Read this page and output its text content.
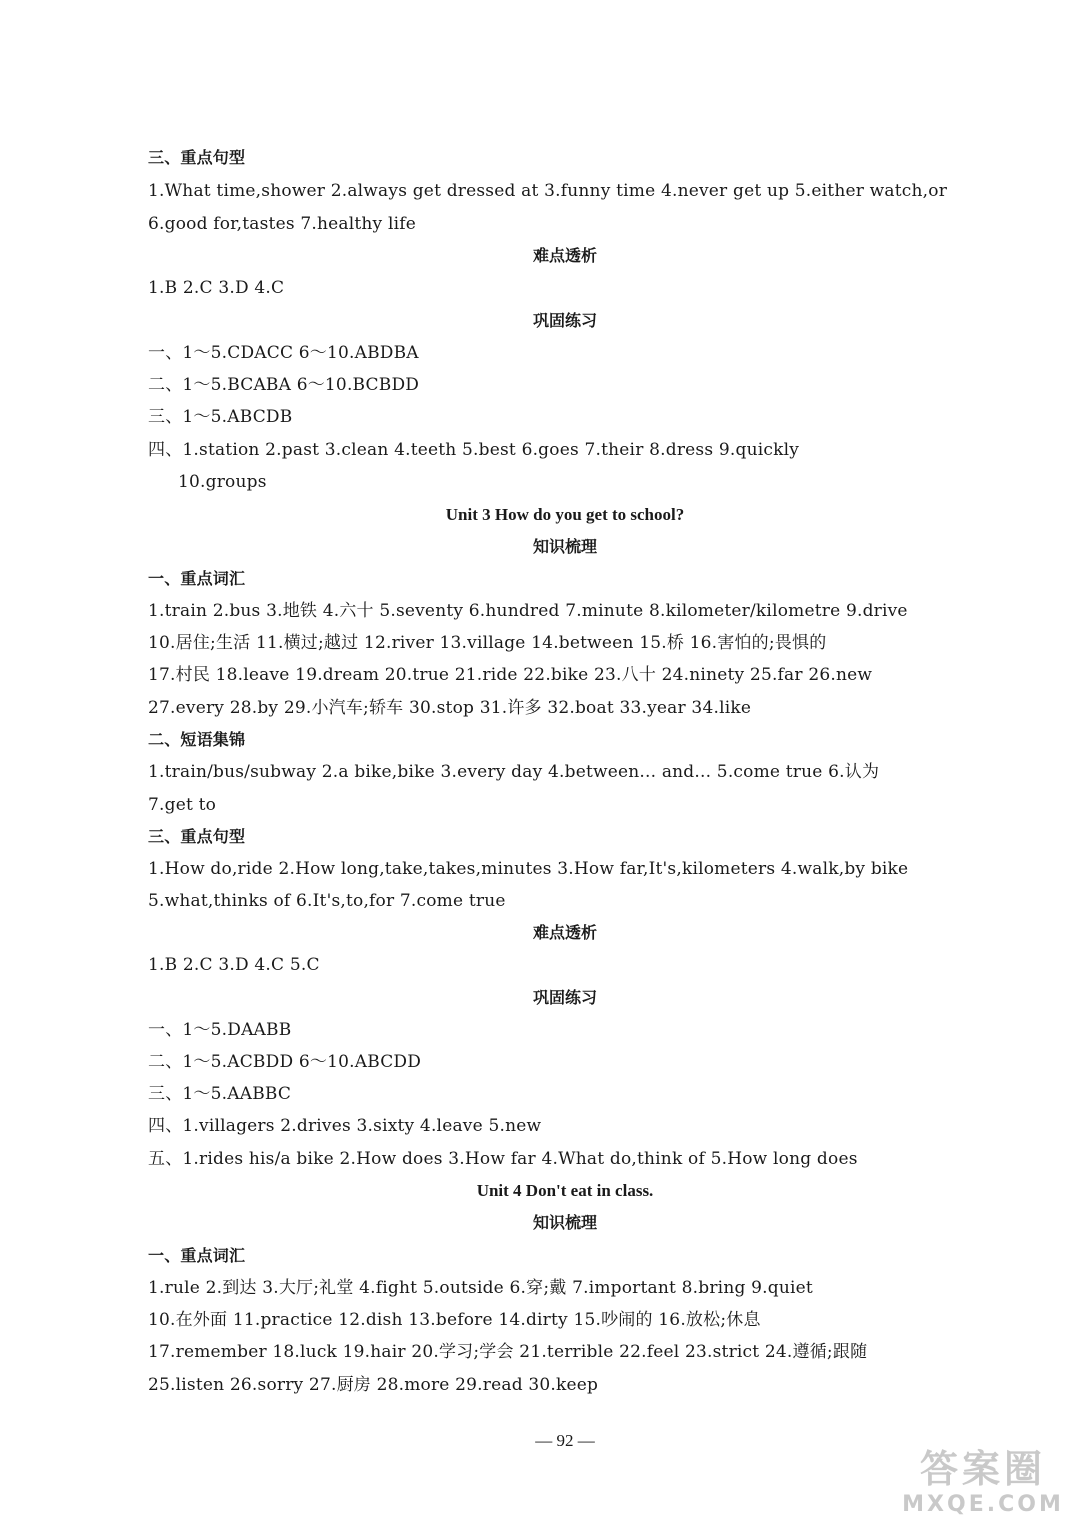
三、重点句型
1.What time,shower 2.always get dressed at 3.funny time 4.never get up 5.either watch,or
6.good for,tastes 7.healthy life
难点透析
1.B 2.C 3.D 4.C
巩固练习
一、1～5.CDACC 6～10.ABDBA
二、1～5.BCABA 6～10.BCBDD
三、1～5.ABCDB
四、1.station 2.past 3.clean 4.teeth 5.best 6.goes 7.their 8.dress 9.quickly
10.groups
Unit 3 How do you get to school?
知识梳理
一、重点词汇
1.train 2.bus 3.地铁 4.六十 5.seventy 6.hundred 7.minute 8.kilometer/kilometre 9.drive
10.居住;生活 11.横过;越过 12.river 13.village 14.between 15.桥 16.害怕的;畏惧的
17.村民 18.leave 19.dream 20.true 21.ride 22.bike 23.八十 24.ninety 25.far 26.new
27.every 28.by 29.小汽车;轿车 30.stop 31.许多 32.boat 33.year 34.like
二、短语集锦
1.train/bus/subway 2.a bike,bike 3.every day 4.between... and... 5.come true 6.认为
7.get to
三、重点句型
1.How do,ride 2.How long,take,takes,minutes 3.How far,It's,kilometers 4.walk,by bike
5.what,thinks of 6.It's,to,for 7.come true
难点透析
1.B 2.C 3.D 4.C 5.C
巩固练习
一、1～5.DAABB
二、1～5.ACBDD 6～10.ABCDD
三、1～5.AABBC
四、1.villagers 2.drives 3.sixty 4.leave 5.new
五、1.rides his/a bike 2.How does 3.How far 4.What do,think of 5.How long does
Unit 4 Don't eat in class.
知识梳理
一、重点词汇
1.rule 2.到达 3.大厅;礼堂 4.fight 5.outside 6.穿;戴 7.important 8.bring 9.quiet
10.在外面 11.practice 12.dish 13.before 14.dirty 15.吵闹的 16.放松;休息
17.remember 18.luck 19.hair 20.学习;学会 21.terrible 22.feel 23.strict 24.遵循;跟随
25.listen 26.sorry 27.厨房 28.more 29.read 30.keep
— 92 —
答案圈
MXQE.COM
